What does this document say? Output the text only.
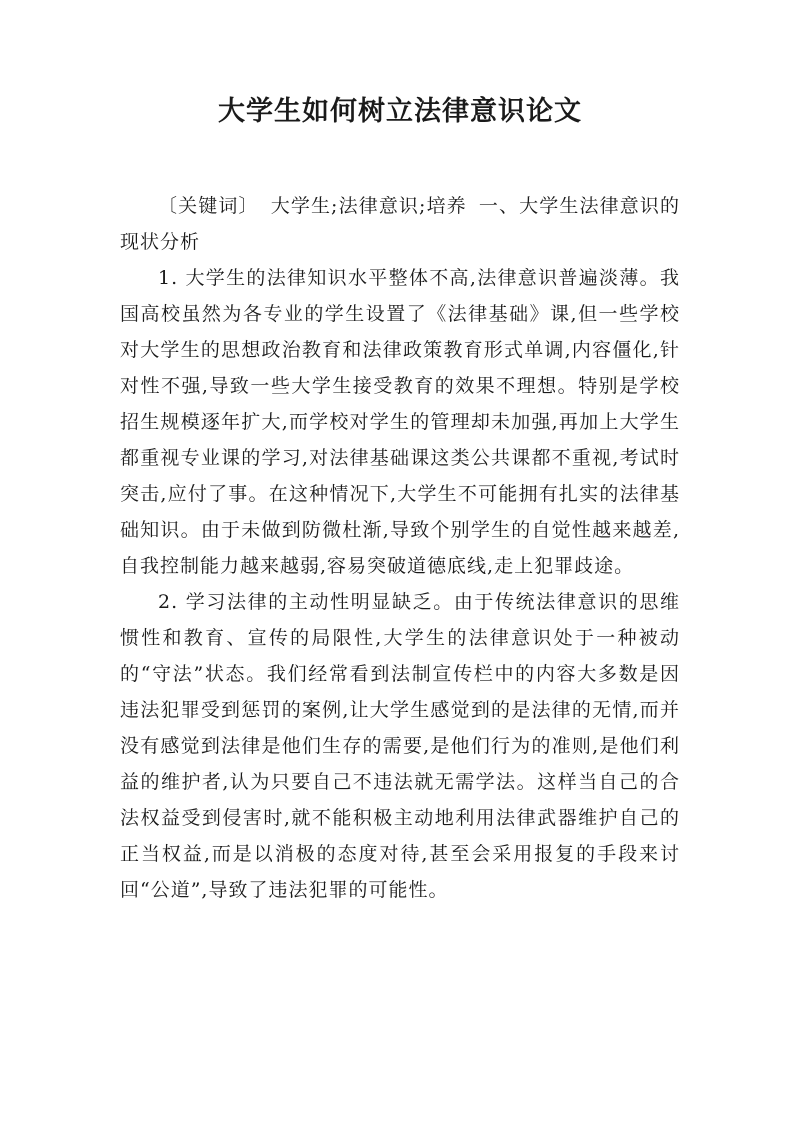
大学生如何树立法律意识论文

〔关键词〕 大学生;法律意识;培养 一、大学生法律意识的现状分析

1. 大学生的法律知识水平整体不高,法律意识普遍淡薄。我国高校虽然为各专业的学生设置了《法律基础》课,但一些学校对大学生的思想政治教育和法律政策教育形式单调,内容僵化,针对性不强,导致一些大学生接受教育的效果不理想。特别是学校招生规模逐年扩大,而学校对学生的管理却未加强,再加上大学生都重视专业课的学习,对法律基础课这类公共课都不重视,考试时突击,应付了事。在这种情况下,大学生不可能拥有扎实的法律基础知识。由于未做到防微杜渐,导致个别学生的自觉性越来越差,自我控制能力越来越弱,容易突破道德底线,走上犯罪歧途。

2. 学习法律的主动性明显缺乏。由于传统法律意识的思维惯性和教育、宣传的局限性,大学生的法律意识处于一种被动的“守法”状态。我们经常看到法制宣传栏中的内容大多数是因违法犯罪受到惩罚的案例,让大学生感觉到的是法律的无情,而并没有感觉到法律是他们生存的需要,是他们行为的准则,是他们利益的维护者,认为只要自己不违法就无需学法。这样当自己的合法权益受到侵害时,就不能积极主动地利用法律武器维护自己的正当权益,而是以消极的态度对待,甚至会采用报复的手段来讨回“公道”,导致了违法犯罪的可能性。
